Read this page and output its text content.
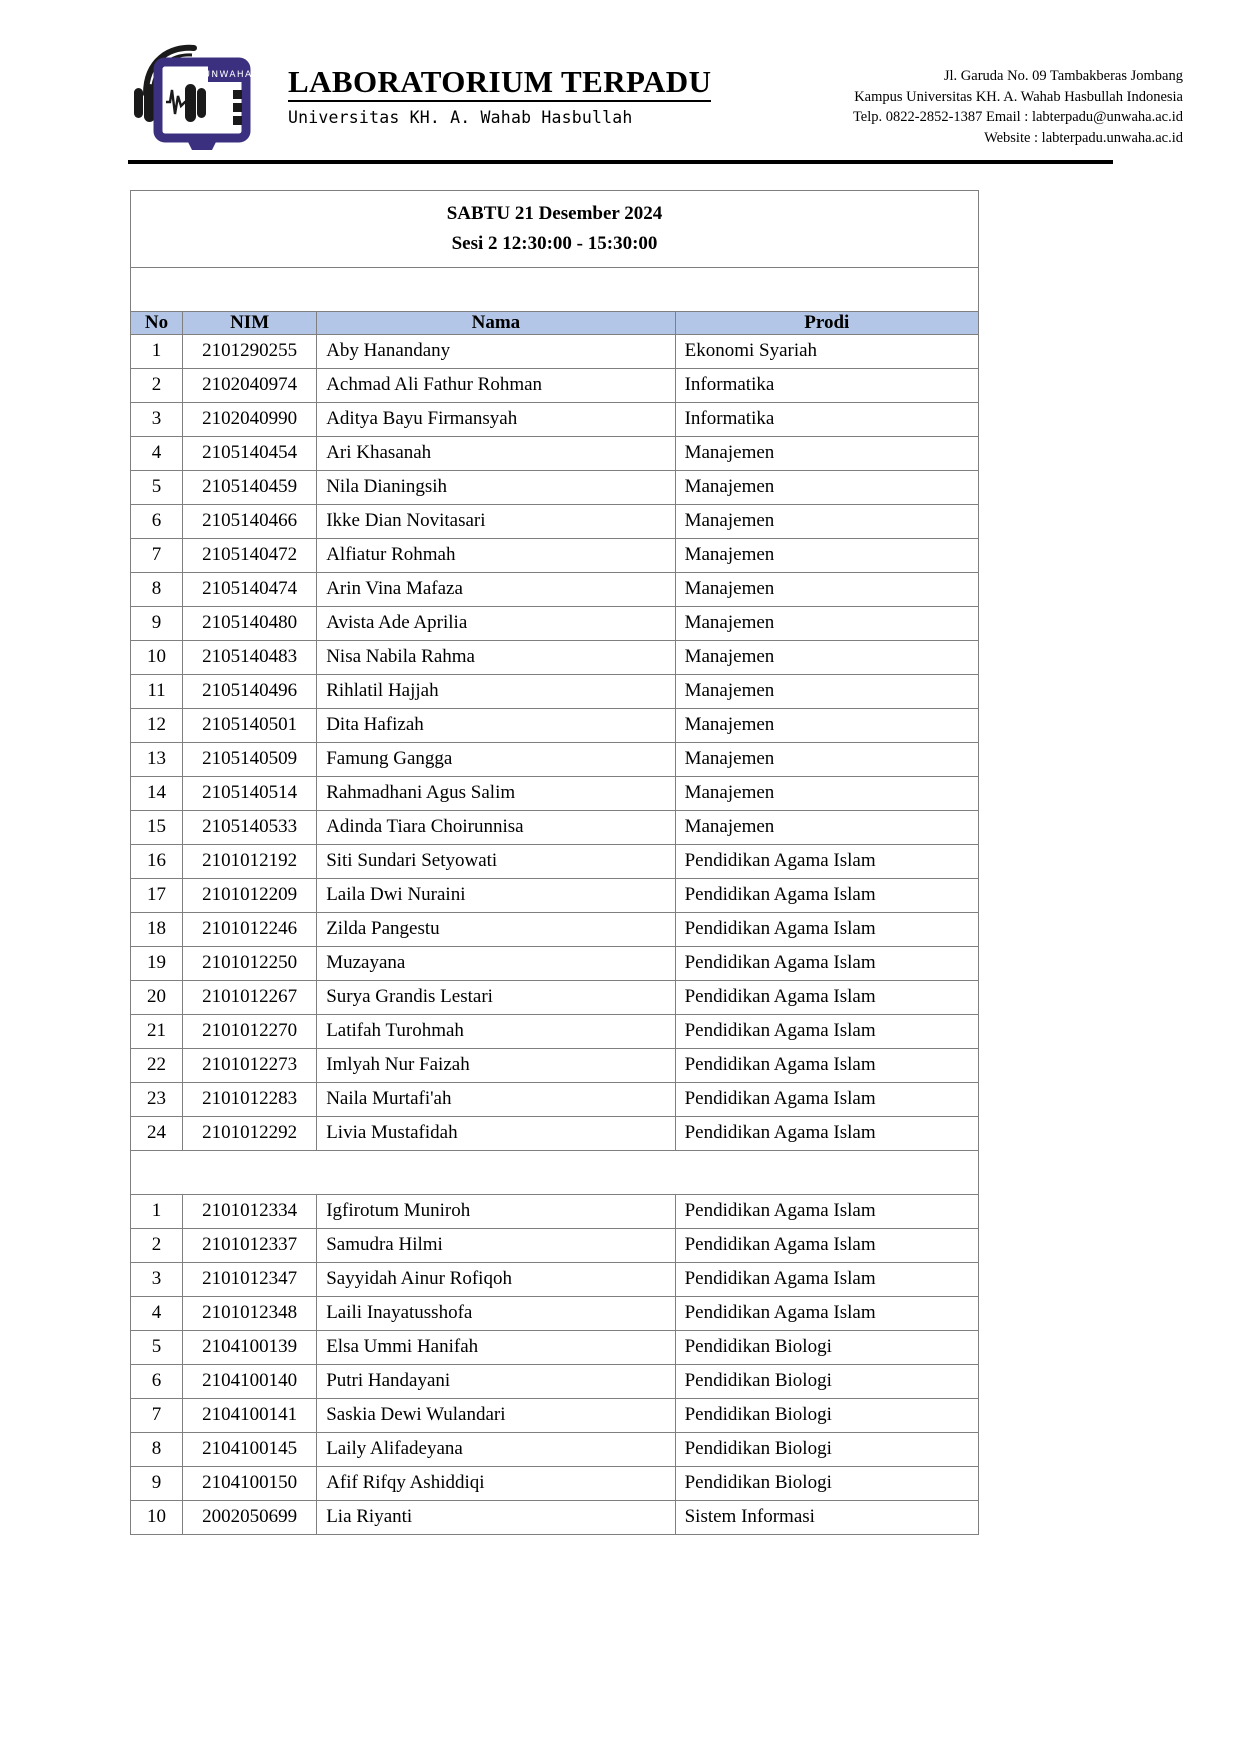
UNWAHA LABORATORIUM TERPADU
Universitas KH. A. Wahab Hasbullah
Jl. Garuda No. 09 Tambakberas Jombang
Kampus Universitas KH. A. Wahab Hasbullah Indonesia
Telp. 0822-2852-1387 Email : labterpadu@unwaha.ac.id
Website : labterpadu.unwaha.ac.id
SABTU 21 Desember 2024
Sesi 2 12:30:00 - 15:30:00			

LAB KOMPUTER 1			
No	NIM	Nama	Prodi
1	2101290255	Aby Hanandany	Ekonomi Syariah
2	2102040974	Achmad Ali Fathur Rohman	Informatika
3	2102040990	Aditya Bayu Firmansyah	Informatika
4	2105140454	Ari Khasanah	Manajemen
5	2105140459	Nila Dianingsih	Manajemen
6	2105140466	Ikke Dian Novitasari	Manajemen
7	2105140472	Alfiatur Rohmah	Manajemen
8	2105140474	Arin Vina Mafaza	Manajemen
9	2105140480	Avista Ade Aprilia	Manajemen
10	2105140483	Nisa Nabila Rahma	Manajemen
11	2105140496	Rihlatil Hajjah	Manajemen
12	2105140501	Dita Hafizah	Manajemen
13	2105140509	Famung Gangga	Manajemen
14	2105140514	Rahmadhani Agus Salim	Manajemen
15	2105140533	Adinda Tiara Choirunnisa	Manajemen
16	2101012192	Siti Sundari Setyowati	Pendidikan Agama Islam
17	2101012209	Laila Dwi Nuraini	Pendidikan Agama Islam
18	2101012246	Zilda Pangestu	Pendidikan Agama Islam
19	2101012250	Muzayana	Pendidikan Agama Islam
20	2101012267	Surya Grandis Lestari	Pendidikan Agama Islam
21	2101012270	Latifah Turohmah	Pendidikan Agama Islam
22	2101012273	Imlyah Nur Faizah	Pendidikan Agama Islam
23	2101012283	Naila Murtafi'ah	Pendidikan Agama Islam
24	2101012292	Livia Mustafidah	Pendidikan Agama Islam
LAB KOMPUTER 2			
1	2101012334	Igfirotum Muniroh	Pendidikan Agama Islam
2	2101012337	Samudra Hilmi	Pendidikan Agama Islam
3	2101012347	Sayyidah Ainur Rofiqoh	Pendidikan Agama Islam
4	2101012348	Laili Inayatusshofa	Pendidikan Agama Islam
5	2104100139	Elsa Ummi Hanifah	Pendidikan Biologi
6	2104100140	Putri Handayani	Pendidikan Biologi
7	2104100141	Saskia Dewi Wulandari	Pendidikan Biologi
8	2104100145	Laily Alifadeyana	Pendidikan Biologi
9	2104100150	Afif Rifqy Ashiddiqi	Pendidikan Biologi
10	2002050699	Lia Riyanti	Sistem Informasi
